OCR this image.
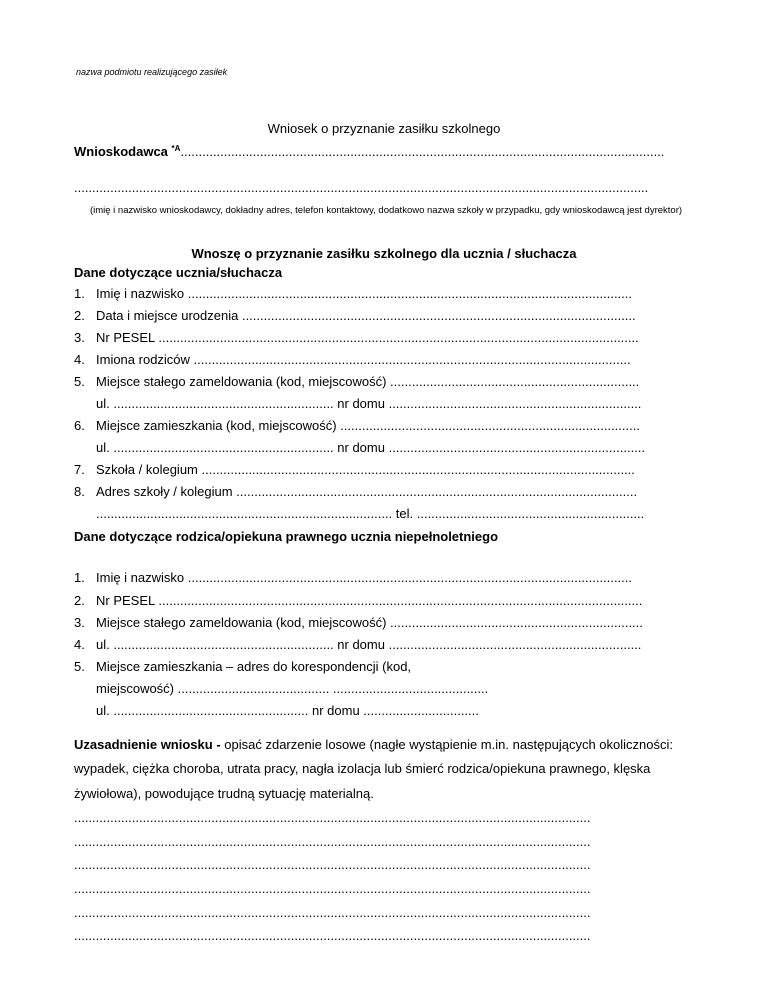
nazwa podmiotu realizującego zasiłek
Wniosek o przyznanie zasiłku szkolnego
Wnioskodawca $^{*A}$......................................................................................................................................
...............................................................................................................................................................
(imię i nazwisko wnioskodawcy, dokładny adres, telefon kontaktowy, dodatkowo nazwa szkoły w przypadku, gdy wnioskodawcą jest dyrektor)
Wnoszę o przyznanie zasiłku szkolnego dla ucznia / słuchacza
Dane dotyczące ucznia/słuchacza
1. Imię i nazwisko ...........................................................................................................................
2. Data i miejsce urodzenia .............................................................................................................
3. Nr PESEL .....................................................................................................................................
4. Imiona rodziców .........................................................................................................................
5. Miejsce stałego zameldowania (kod, miejscowość) .....................................................................
ul. ............................................................. nr domu ......................................................................
6. Miejsce zamieszkania (kod, miejscowość) ...................................................................................
ul. ............................................................. nr domu .......................................................................
7. Szkoła / kolegium ........................................................................................................................
8. Adres szkoły / kolegium ...............................................................................................................
.................................................................................. tel. ...............................................................
Dane dotyczące rodzica/opiekuna prawnego ucznia niepełnoletniego
1. Imię i nazwisko ...........................................................................................................................
2. Nr PESEL ......................................................................................................................................
3. Miejsce stałego zameldowania (kod, miejscowość) ......................................................................
4. ul. ............................................................. nr domu ......................................................................
5. Miejsce zamieszkania – adres do korespondencji (kod,
miejscowość) .......................................... ...........................................
ul. ...................................................... nr domu ................................
Uzasadnienie wniosku - opisać zdarzenie losowe (nagłe wystąpienie m.in. następujących okoliczności:
wypadek, ciężka choroba, utrata pracy, nagła izolacja lub śmierć rodzica/opiekuna prawnego, klęska
żywiołowa), powodujące trudną sytuację materialną.
...............................................................................................................................................
...............................................................................................................................................
...............................................................................................................................................
...............................................................................................................................................
...............................................................................................................................................
...............................................................................................................................................
